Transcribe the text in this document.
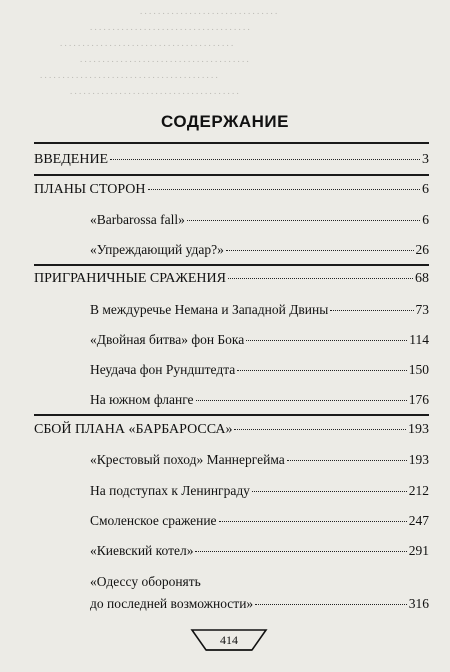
. . . . . . . . . . . . . . . . . . . . . . . . . . . . . . .
. . . . . . . . . . . . . . . . . . . . . . . . . . . . . . . . . . . .
. . . . . . . . . . . . . . . . . . . . . . . . . . . . . . . . . . . . . . .
. . . . . . . . . . . . . . . . . . . . . . . . . . . . . . . . . . . . . .
. . . . . . . . . . . . . . . . . . . . . . . . . . . . . . . . . . . . . . . .
. . . . . . . . . . . . . . . . . . . . . . . . . . . . . . . . . . . . . .
СОДЕРЖАНИЕ
ВВЕДЕНИЕ	3
ПЛАНЫ СТОРОН	6
«Barbarossa fall»	6
«Упреждающий удар?»	26
ПРИГРАНИЧНЫЕ СРАЖЕНИЯ	68
В междуречье Немана и Западной Двины	73
«Двойная битва» фон Бока	114
Неудача фон Рундштедта	150
На южном фланге	176
СБОЙ ПЛАНА «БАРБАРОССА»	193
«Крестовый поход» Маннергейма	193
На подступах к Ленинграду	212
Смоленское сражение	247
«Киевский котел»	291
«Одессу оборонять
до последней возможности»	316
414
